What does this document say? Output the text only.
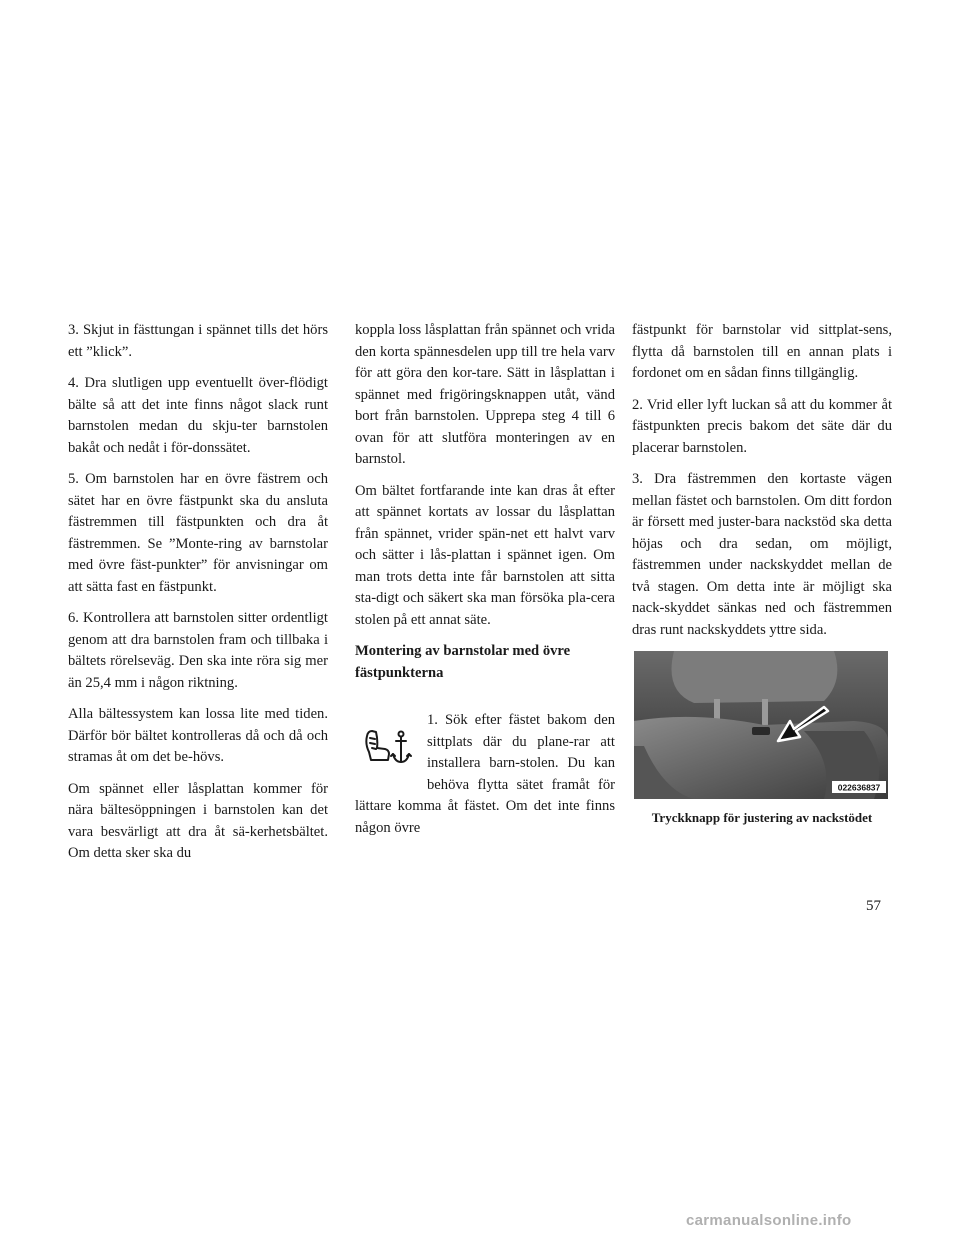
3. Skjut in fästtungan i spännet tills det hörs ett ”klick”.

4. Dra slutligen upp eventuellt över-flödigt bälte så att det inte finns något slack runt barnstolen medan du skju-ter barnstolen bakåt och nedåt i för-donssätet.

5. Om barnstolen har en övre fästrem och sätet har en övre fästpunkt ska du ansluta fästremmen till fästpunkten och dra åt fästremmen. Se ”Monte-ring av barnstolar med övre fäst-punkter” för anvisningar om att sätta fast en fästpunkt.

6. Kontrollera att barnstolen sitter ordentligt genom att dra barnstolen fram och tillbaka i bältets rörelseväg. Den ska inte röra sig mer än 25,4 mm i någon riktning.

Alla bältessystem kan lossa lite med tiden. Därför bör bältet kontrolleras då och då och stramas åt om det be-hövs.

Om spännet eller låsplattan kommer för nära bältesöppningen i barnstolen kan det vara besvärligt att dra åt sä-kerhetsbältet. Om detta sker ska du

koppla loss låsplattan från spännet och vrida den korta spännesdelen upp till tre hela varv för att göra den kor-tare. Sätt in låsplattan i spännet med frigöringsknappen utåt, vänd bort från barnstolen. Upprepa steg 4 till 6 ovan för att slutföra monteringen av en barnstol.

Om bältet fortfarande inte kan dras åt efter att spännet kortats av lossar du låsplattan från spännet, vrider spän-net ett halvt varv och sätter i lås-plattan i spännet igen. Om man trots detta inte får barnstolen att sitta sta-digt och säkert ska man försöka pla-cera stolen på ett annat säte.

Montering av barnstolar med övre fästpunkterna

1. Sök efter fästet bakom den sittplats där du plane-rar att installera barn-stolen. Du kan behöva flytta sätet framåt för lättare komma åt fästet. Om det inte finns någon övre

fästpunkt för barnstolar vid sittplat-sens, flytta då barnstolen till en annan plats i fordonet om en sådan finns tillgänglig.

2. Vrid eller lyft luckan så att du kommer åt fästpunkten precis bakom det säte där du placerar barnstolen.

3. Dra fästremmen den kortaste vägen mellan fästet och barnstolen. Om ditt fordon är försett med juster-bara nackstöd ska detta höjas och dra sedan, om möjligt, fästremmen under nackskyddet mellan de två stagen. Om detta inte är möjligt ska nack-skyddet sänkas ned och fästremmen dras runt nackskyddets yttre sida.

022636837

Tryckknapp för justering av nackstödet

57
carmanualsonline.info
